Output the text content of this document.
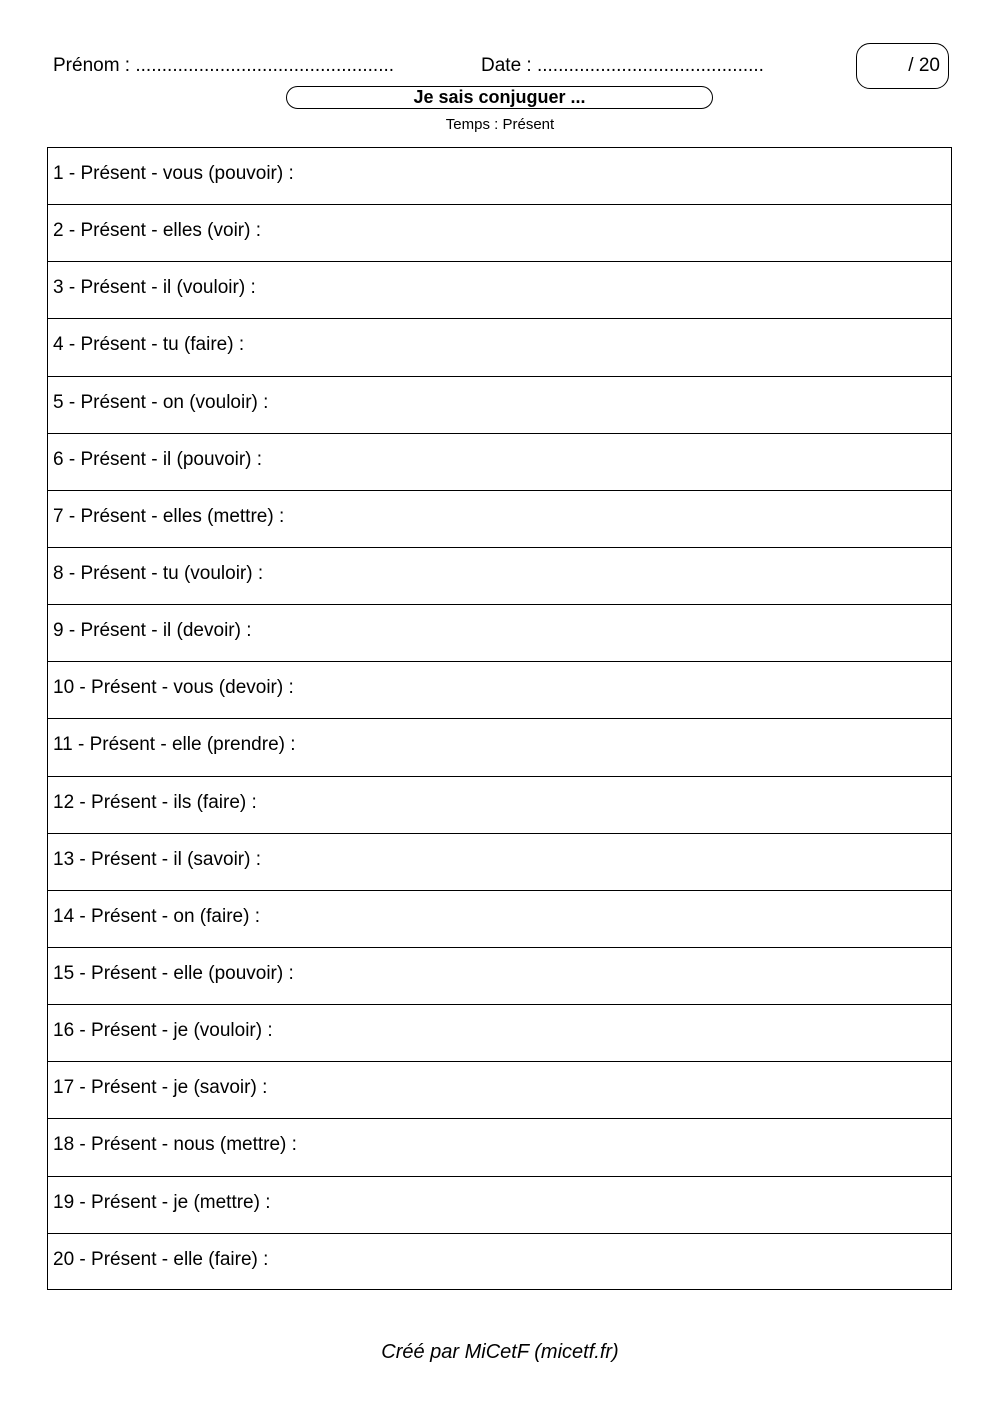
Prénom : .................................................	Date : ...........................................	/ 20
Je sais conjuguer ...
Temps : Présent
1 - Présent - vous (pouvoir) :
2 - Présent - elles (voir) :
3 - Présent - il (vouloir) :
4 - Présent - tu (faire) :
5 - Présent - on (vouloir) :
6 - Présent - il (pouvoir) :
7 - Présent - elles (mettre) :
8 - Présent - tu (vouloir) :
9 - Présent - il (devoir) :
10 - Présent - vous (devoir) :
11 - Présent - elle (prendre) :
12 - Présent - ils (faire) :
13 - Présent - il (savoir) :
14 - Présent - on (faire) :
15 - Présent - elle (pouvoir) :
16 - Présent - je (vouloir) :
17 - Présent - je (savoir) :
18 - Présent - nous (mettre) :
19 - Présent - je (mettre) :
20 - Présent - elle (faire) :
Créé par MiCetF (micetf.fr)
